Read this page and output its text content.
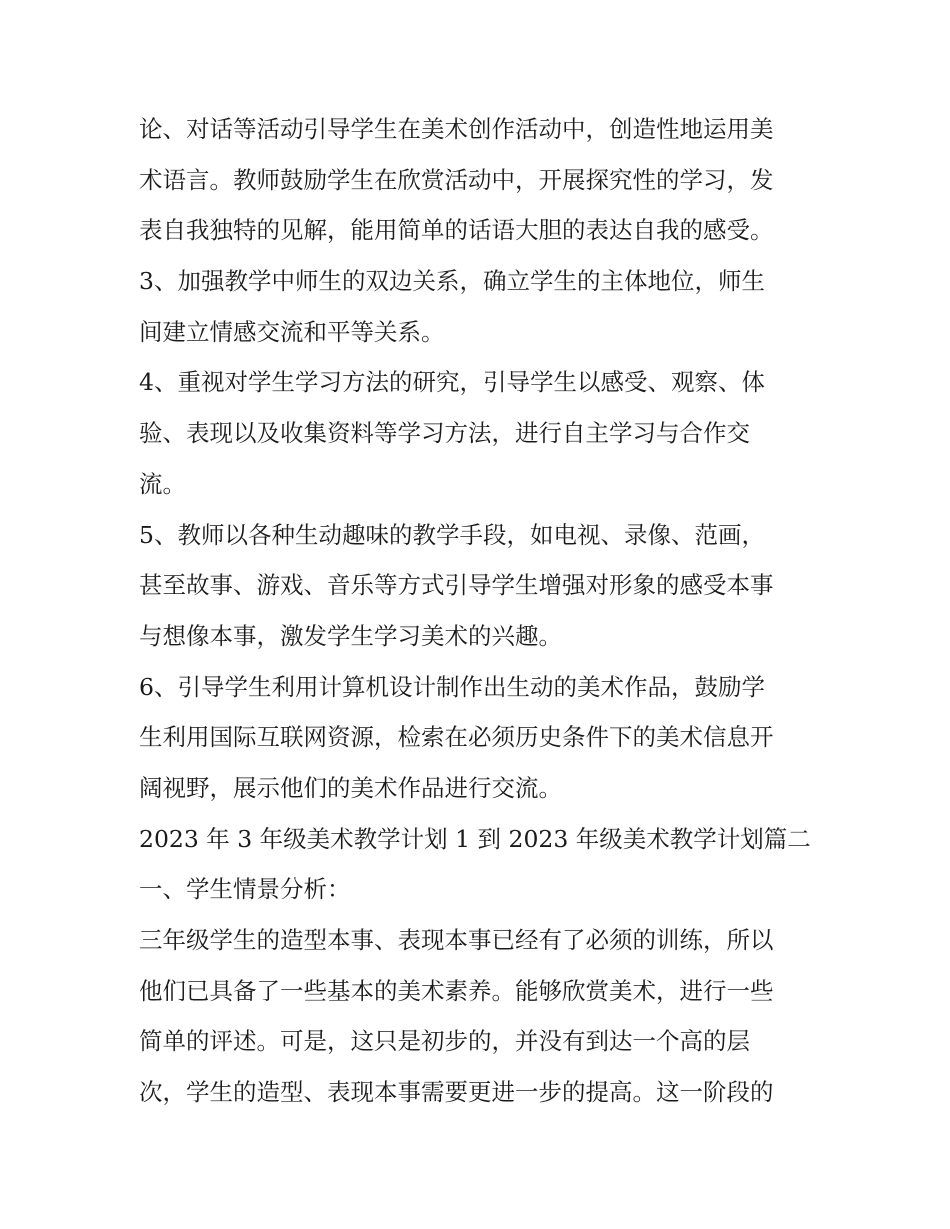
论、对话等活动引导学生在美术创作活动中，创造性地运用美
术语言。教师鼓励学生在欣赏活动中，开展探究性的学习，发
表自我独特的见解，能用简单的话语大胆的表达自我的感受。
3、加强教学中师生的双边关系，确立学生的主体地位，师生
间建立情感交流和平等关系。
4、重视对学生学习方法的研究，引导学生以感受、观察、体
验、表现以及收集资料等学习方法，进行自主学习与合作交
流。
5、教师以各种生动趣味的教学手段，如电视、录像、范画，
甚至故事、游戏、音乐等方式引导学生增强对形象的感受本事
与想像本事，激发学生学习美术的兴趣。
6、引导学生利用计算机设计制作出生动的美术作品，鼓励学
生利用国际互联网资源，检索在必须历史条件下的美术信息开
阔视野，展示他们的美术作品进行交流。
2023 年 3 年级美术教学计划 1 到 2023 年级美术教学计划篇二
一、学生情景分析：
三年级学生的造型本事、表现本事已经有了必须的训练，所以
他们已具备了一些基本的美术素养。能够欣赏美术，进行一些
简单的评述。可是，这只是初步的，并没有到达一个高的层
次，学生的造型、表现本事需要更进一步的提高。这一阶段的
